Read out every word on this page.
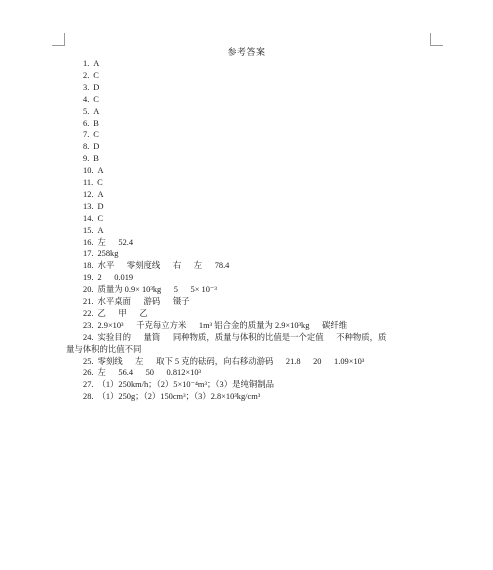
参考答案
1. A
2. C
3. D
4. C
5. A
6. B
7. C
8. D
9. B
10. A
11. C
12. A
13. D
14. C
15. A
16. 左      52.4
17. 258kg
18. 水平      零刻度线      右      左      78.4
19. 2      0.019
20. 质量为 0.9× 10³kg      5      5× 10⁻³
21. 水平桌面      游码      镊子
22. 乙      甲      乙
23. 2.9×10³      千克每立方米      1m³ 铝合金的质量为 2.9×10³kg      碳纤维
24. 实验目的      量筒      同种物质，质量与体积的比值是一个定值      不种物质，质
量与体积的比值不同
25. 零刻线      左      取下 5 克的砝码，向右移动游码      21.8      20      1.09×10³
26. 左      56.4      50      0.812×10³
27. （1）250km/h；（2）5×10⁻⁴m³；（3）是纯铜制品
28. （1）250g；（2）150cm³；（3）2.8×10³kg/cm³
